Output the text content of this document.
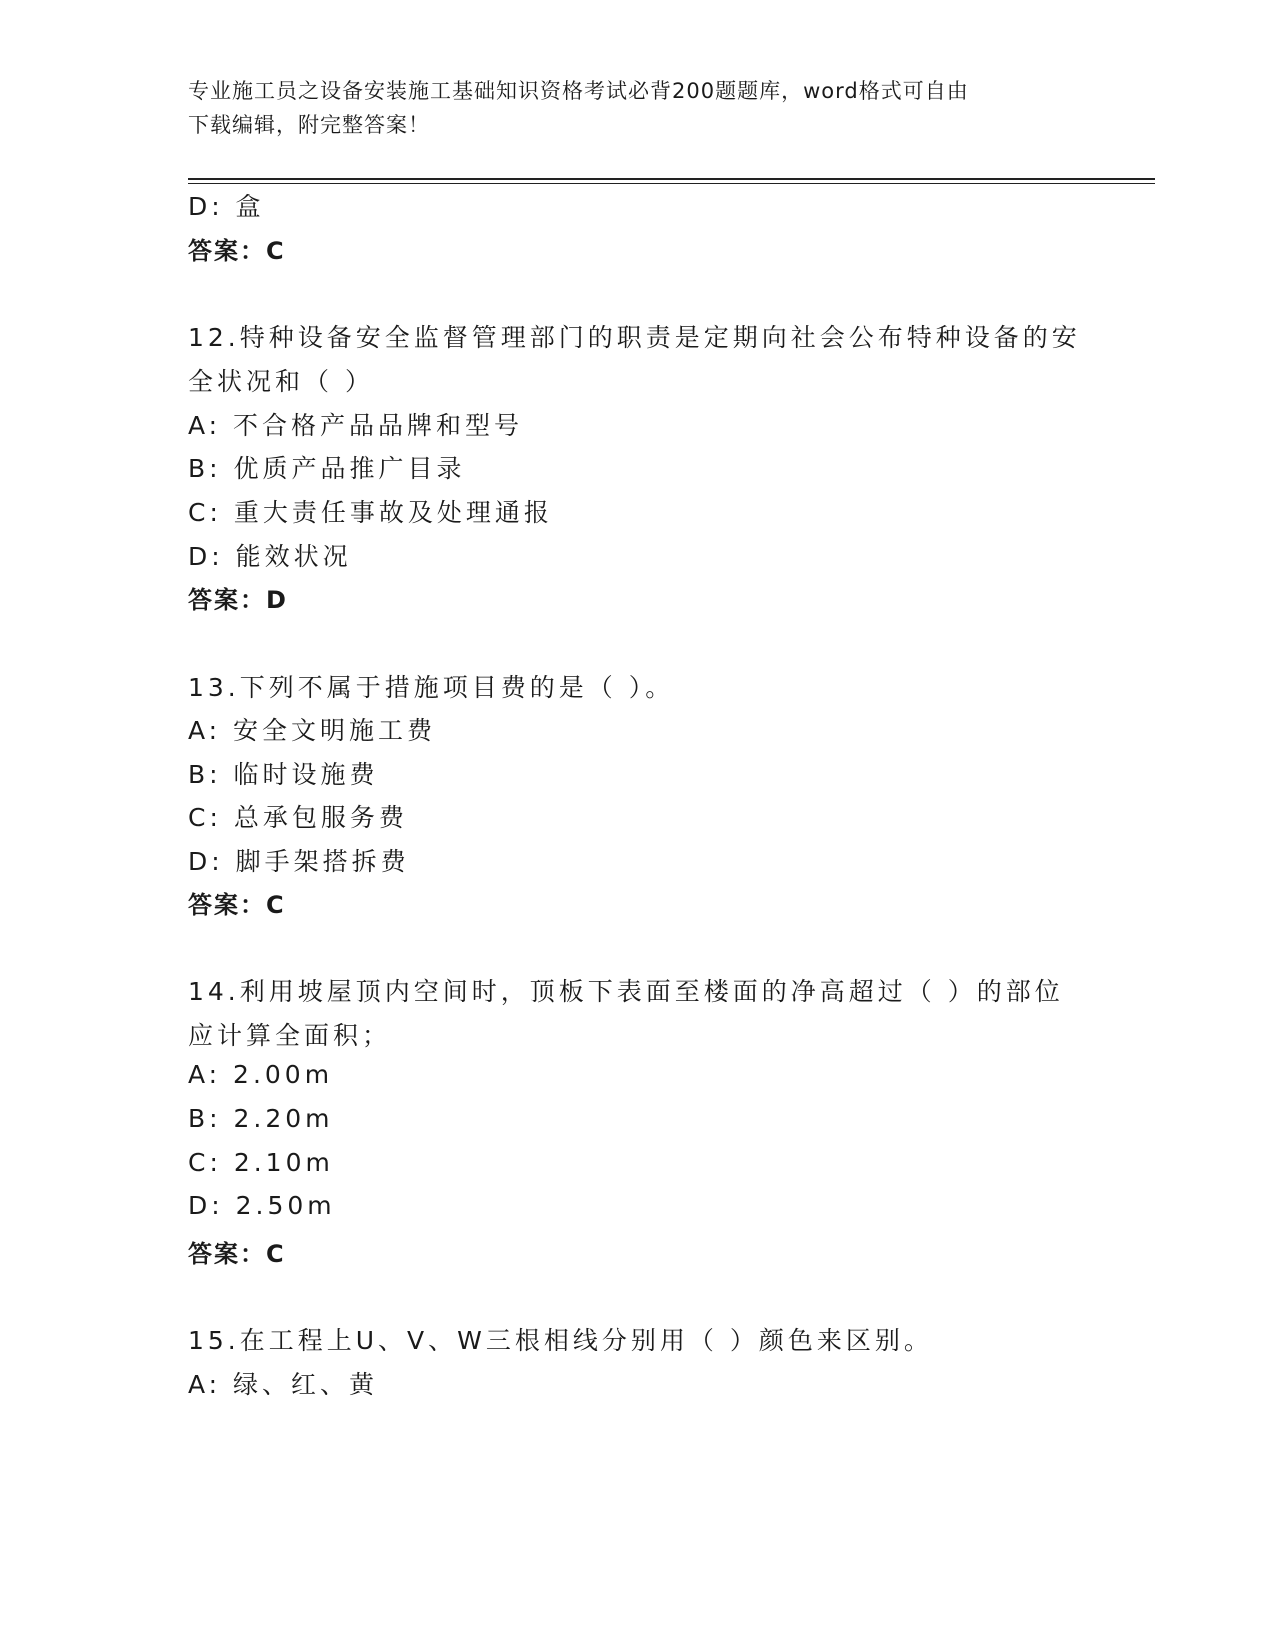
专业施工员之设备安装施工基础知识资格考试必背200题题库，word格式可自由
下载编辑，附完整答案！
D: 盒
答案：C
12.特种设备安全监督管理部门的职责是定期向社会公布特种设备的安
全状况和（ ）
A: 不合格产品品牌和型号
B: 优质产品推广目录
C: 重大责任事故及处理通报
D: 能效状况
答案：D
13.下列不属于措施项目费的是（ ）。
A: 安全文明施工费
B: 临时设施费
C: 总承包服务费
D: 脚手架搭拆费
答案：C
14.利用坡屋顶内空间时，顶板下表面至楼面的净高超过（ ）的部位
应计算全面积；
A: 2.00m
B: 2.20m
C: 2.10m
D: 2.50m
答案：C
15.在工程上U、V、W三根相线分别用（ ）颜色来区别。
A: 绿、红、黄
